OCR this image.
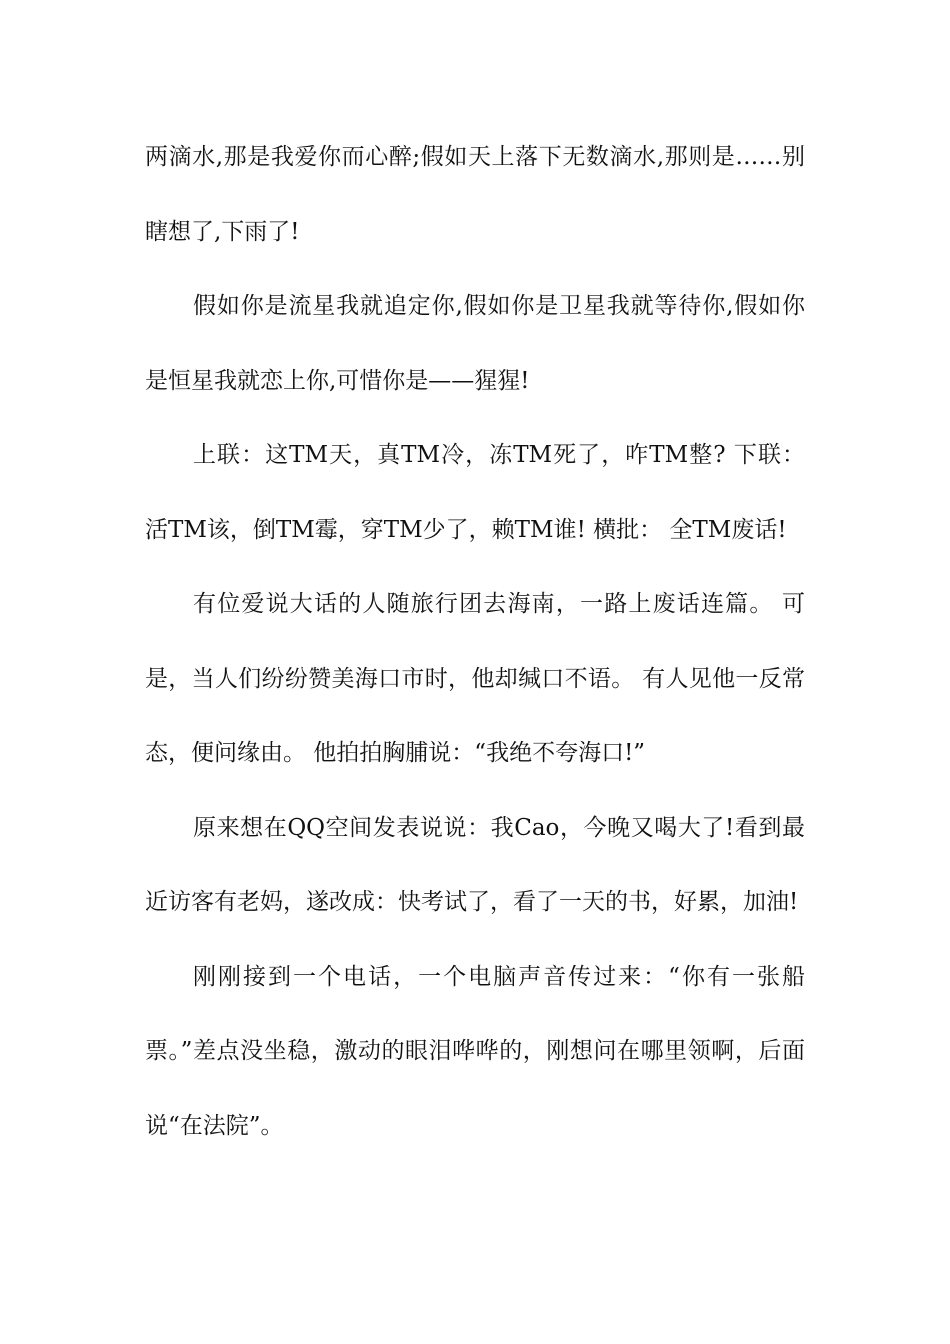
两滴水,那是我爱你而心醉;假如天上落下无数滴水,那则是……别瞎想了,下雨了!

假如你是流星我就追定你,假如你是卫星我就等待你,假如你是恒星我就恋上你,可惜你是——猩猩!

上联：这TM天，真TM冷，冻TM死了，咋TM整? 下联：活TM该，倒TM霉，穿TM少了，赖TM谁! 横批： 全TM废话!

有位爱说大话的人随旅行团去海南，一路上废话连篇。 可是，当人们纷纷赞美海口市时，他却缄口不语。 有人见他一反常态，便问缘由。 他拍拍胸脯说：“我绝不夸海口!”

原来想在QQ空间发表说说：我Cao，今晚又喝大了!看到最近访客有老妈，遂改成：快考试了，看了一天的书，好累，加油!

刚刚接到一个电话，一个电脑声音传过来：“你有一张船票。”差点没坐稳，激动的眼泪哗哗的，刚想问在哪里领啊，后面说“在法院”。
